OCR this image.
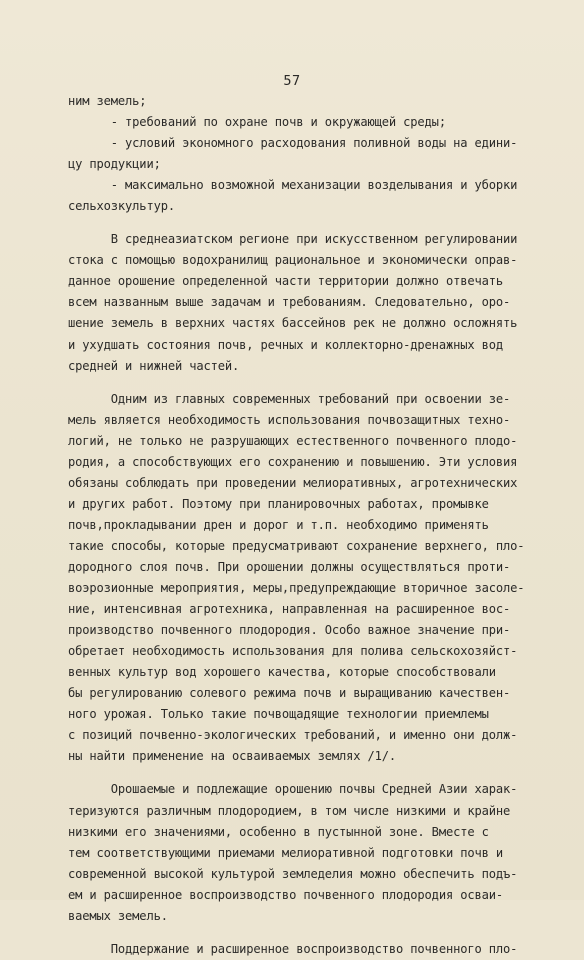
57
ним земель;
- требований по охране почв и окружающей среды;
- условий экономного расходования поливной воды на едини-
цу продукции;
- максимально возможной механизации возделывания и уборки
сельхозкультур.
В среднеазиатском регионе при искусственном регулировании
стока с помощью водохранилищ рациональное и экономически оправ-
данное орошение определенной части территории должно отвечать
всем названным выше задачам и требованиям. Следовательно, оро-
шение земель в верхних частях бассейнов рек не должно осложнять
и ухудшать состояния почв, речных и коллекторно-дренажных вод
средней и нижней частей.
Одним из главных современных требований при освоении зе-
мель является необходимость использования почвозащитных техно-
логий, не только не разрушающих естественного почвенного плодо-
родия, а способствующих его сохранению и повышению. Эти условия
обязаны соблюдать при проведении мелиоративных, агротехнических
и других работ. Поэтому при планировочных работах, промывке
почв,прокладывании дрен и дорог и т.п. необходимо применять
такие способы, которые предусматривают сохранение верхнего, пло-
дородного слоя почв. При орошении должны осуществляться проти-
воэрозионные мероприятия, меры,предупреждающие вторичное засоле-
ние, интенсивная агротехника, направленная на расширенное вос-
производство почвенного плодородия. Особо важное значение при-
обретает необходимость использования для полива сельскохозяйст-
венных культур вод хорошего качества, которые способствовали
бы регулированию солевого режима почв и выращиванию качествен-
ного урожая. Только такие почвощадящие технологии приемлемы
с позиций почвенно-экологических требований, и именно они долж-
ны найти применение на осваиваемых землях /1/.
Орошаемые и подлежащие орошению почвы Средней Азии харак-
теризуются различным плодородием, в том числе низкими и крайне
низкими его значениями, особенно в пустынной зоне. Вместе с
тем соответствующими приемами мелиоративной подготовки почв и
современной высокой культурой земледелия можно обеспечить подъ-
ем и расширенное воспроизводство почвенного плодородия осваи-
ваемых земель.
Поддержание и расширенное воспроизводство почвенного пло-
